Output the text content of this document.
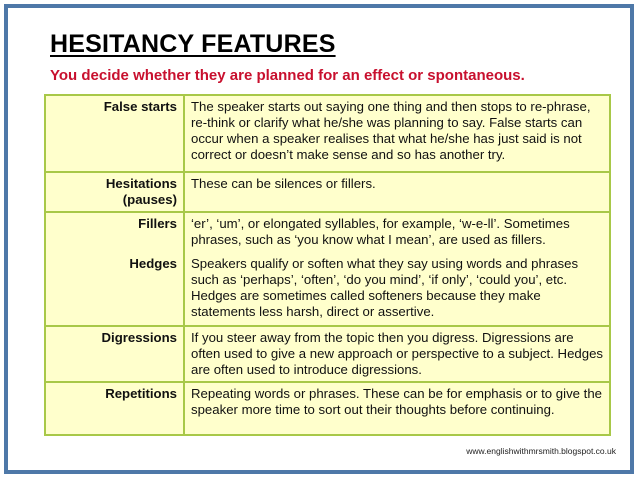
HESITANCY FEATURES

You decide whether they are planned for an effect or spontaneous.

False starts	The speaker starts out saying one thing and then stops to re-phrase, re-think or clarify what he/she was planning to say. False starts can occur when a speaker realises that what he/she has just said is not correct or doesn’t make sense and so has another try.
Hesitations
(pauses)	These can be silences or fillers.
Fillers	‘er’, ‘um’, or elongated syllables, for example, ‘w-e-ll’. Sometimes phrases, such as ‘you know what I mean’, are used as fillers.
Hedges	Speakers qualify or soften what they say using words and phrases such as ‘perhaps’, ‘often’, ‘do you mind’, ‘if only’, ‘could you’, etc. Hedges are sometimes called softeners because they make statements less harsh, direct or assertive.
Digressions	If you steer away from the topic then you digress. Digressions are often used to give a new approach or perspective to a subject. Hedges are often used to introduce digressions.
Repetitions	Repeating words or phrases. These can be for emphasis or to give the speaker more time to sort out their thoughts before continuing.

www.englishwithmrsmith.blogspot.co.uk
